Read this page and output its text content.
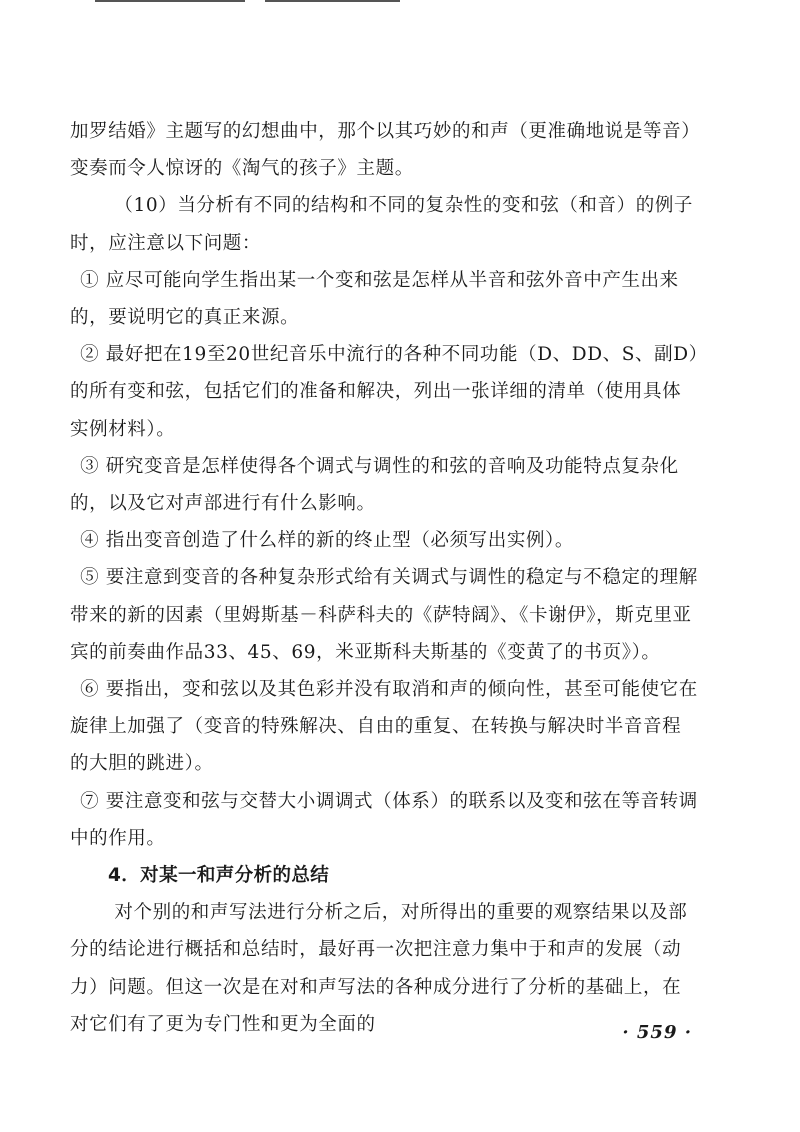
加罗结婚》主题写的幻想曲中，那个以其巧妙的和声（更准确地说是等音）变奏而令人惊讶的《淘气的孩子》主题。

（10）当分析有不同的结构和不同的复杂性的变和弦（和音）的例子时，应注意以下问题：

① 应尽可能向学生指出某一个变和弦是怎样从半音和弦外音中产生出来的，要说明它的真正来源。

② 最好把在19至20世纪音乐中流行的各种不同功能（D、DD、S、副D）的所有变和弦，包括它们的准备和解决，列出一张详细的清单（使用具体实例材料）。

③ 研究变音是怎样使得各个调式与调性的和弦的音响及功能特点复杂化的，以及它对声部进行有什么影响。

④ 指出变音创造了什么样的新的终止型（必须写出实例）。

⑤ 要注意到变音的各种复杂形式给有关调式与调性的稳定与不稳定的理解带来的新的因素（里姆斯基－科萨科夫的《萨特阔》、《卡谢伊》，斯克里亚宾的前奏曲作品33、45、69，米亚斯科夫斯基的《变黄了的书页》）。

⑥ 要指出，变和弦以及其色彩并没有取消和声的倾向性，甚至可能使它在旋律上加强了（变音的特殊解决、自由的重复、在转换与解决时半音音程的大胆的跳进）。

⑦ 要注意变和弦与交替大小调调式（体系）的联系以及变和弦在等音转调中的作用。

4．对某一和声分析的总结

对个别的和声写法进行分析之后，对所得出的重要的观察结果以及部分的结论进行概括和总结时，最好再一次把注意力集中于和声的发展（动力）问题。但这一次是在对和声写法的各种成分进行了分析的基础上，在对它们有了更为专门性和更为全面的	· 559 ·
